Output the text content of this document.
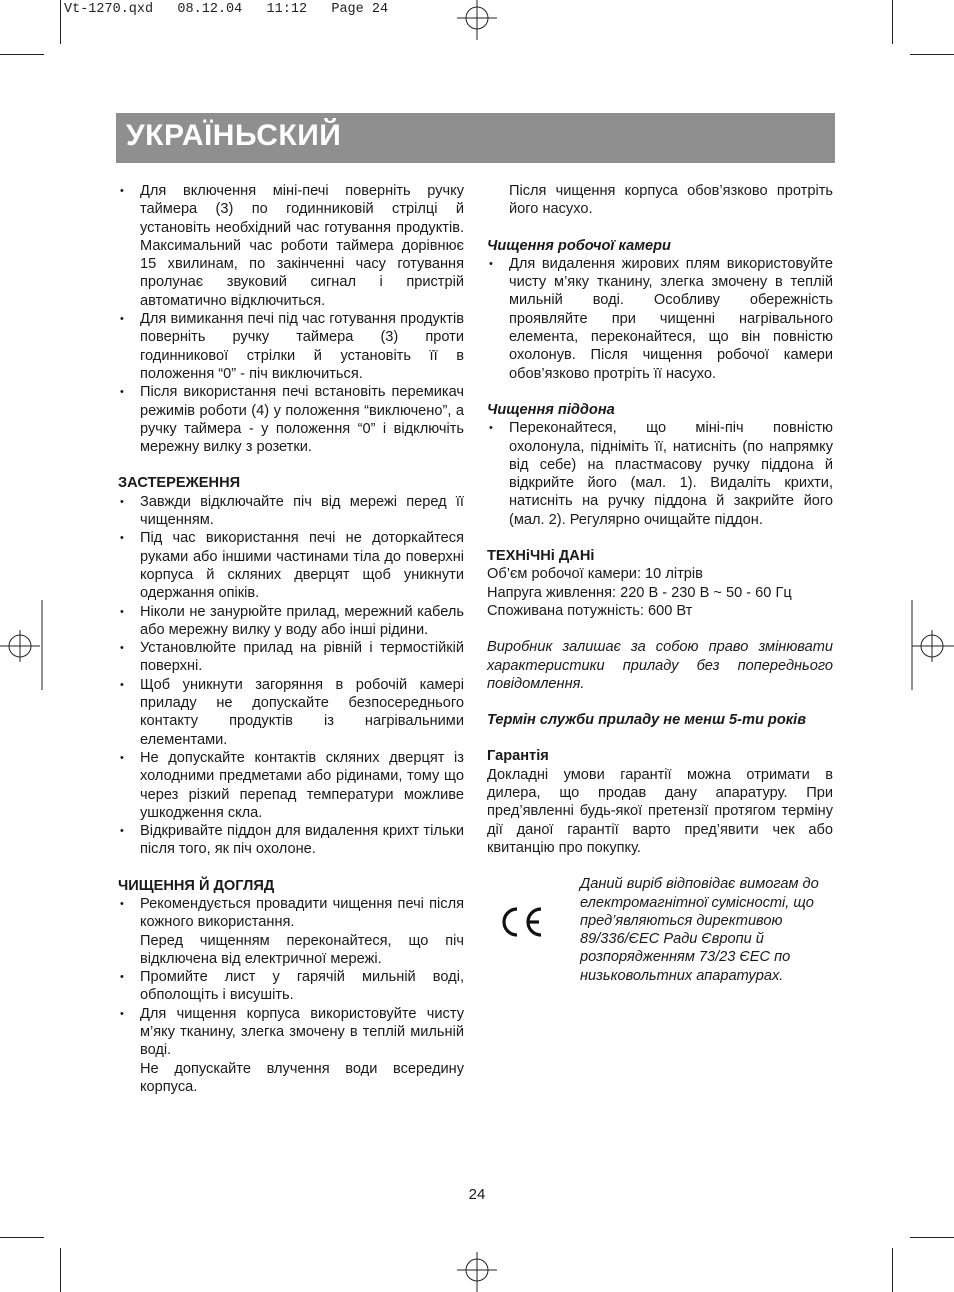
Vt-1270.qxd   08.12.04   11:12   Page 24
УКРАЇНЬСКИЙ
• Для включення міні-печі поверніть ручку таймера (3) по годинниковій стрілці й установіть необхідний час готування продуктів. Максимальний час роботи таймера дорівнює 15 хвилинам, по закінченні часу готування пролунає звуковий сигнал і пристрій автоматично відключиться.
• Для вимикання печі під час готування продуктів поверніть ручку таймера (3) проти годинникової стрілки й установіть її в положення “0” - піч виключиться.
• Після використання печі встановіть перемикач режимів роботи (4) у положення “виключено”, а ручку таймера - у положення “0” і відключіть мережну вилку з розетки.
ЗАСТЕРЕЖЕННЯ
• Завжди відключайте піч від мережі перед її чищенням.
• Під час використання печі не доторкайтеся руками або іншими частинами тіла до поверхні корпуса й скляних дверцят щоб уникнути одержання опіків.
• Ніколи не занурюйте прилад, мережний кабель або мережну вилку у воду або інші рідини.
• Установлюйте прилад на рівній і термостійкій поверхні.
• Щоб уникнути загоряння в робочій камері приладу не допускайте безпосереднього контакту продуктів із нагрівальними елементами.
• Не допускайте контактів скляних дверцят із холодними предметами або рідинами, тому що через різкий перепад температури можливе ушкодження скла.
• Відкривайте піддон для видалення крихт тільки після того, як піч охолоне.
ЧИЩЕННЯ Й ДОГЛЯД
• Рекомендується провадити чищення печі після кожного використання.
Перед чищенням переконайтеся, що піч відключена від електричної мережі.
• Промийте лист у гарячій мильній воді, обполощіть і висушіть.
• Для чищення корпуса використовуйте чисту м’яку тканину, злегка змочену в теплій мильній воді.
Не допускайте влучення води всередину корпуса.
Після чищення корпуса обов’язково протріть його насухо.
Чищення робочої камери
• Для видалення жирових плям використовуйте чисту м’яку тканину, злегка змочену в теплій мильній воді. Особливу обережність проявляйте при чищенні нагрівального елемента, переконайтеся, що він повністю охолонув. Після чищення робочої камери обов’язково протріть її насухо.
Чищення піддона
• Переконайтеся, що міні-піч повністю охолонула, підніміть її, натисніть (по напрямку від себе) на пластмасову ручку піддона й відкрийте його (мал. 1). Видаліть крихти, натисніть на ручку піддона й закрийте його (мал. 2). Регулярно очищайте піддон.
ТЕХНіЧНі ДАНі
Об’єм робочої камери: 10 літрів
Напруга живлення: 220 В - 230 В ~ 50 - 60 Гц
Споживана потужність: 600 Вт
Виробник залишає за собою право змінювати характеристики приладу без попереднього повідомлення.
Термін служби приладу не менш 5-ти років
Гарантія
Докладні умови гарантії можна отримати в дилера, що продав дану апаратуру. При пред’явленні будь-якої претензії протягом терміну дії даної гарантії варто пред’явити чек або квитанцію про покупку.
Даний виріб відповідає вимогам до електромагнітної сумісності, що пред’являються директивою 89/336/ЄЕС Ради Європи й розпорядженням 73/23 ЄЕС по низьковольтних апаратурах.
24
